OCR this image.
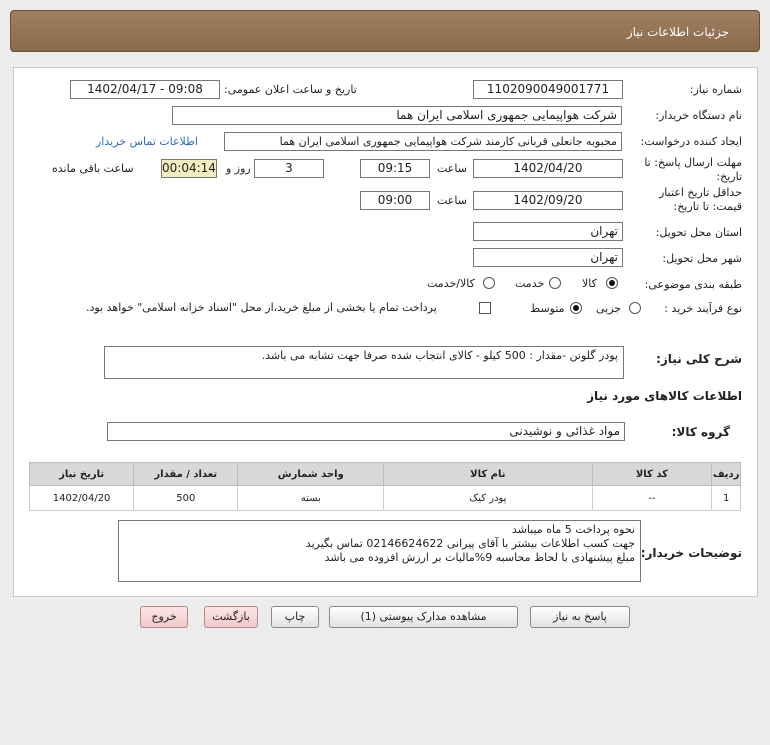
جزئیات اطلاعات نیاز
شماره نیاز:
1102090049001771
تاریخ و ساعت اعلان عمومی:
1402/04/17 - 09:08
نام دستگاه خریدار:
شرکت هواپیمایی جمهوری اسلامی ایران هما
ایجاد کننده درخواست:
محبوبه جانعلی قربانی کارمند شرکت هواپیمایی جمهوری اسلامی ایران هما
اطلاعات تماس خریدار
مهلت ارسال پاسخ: تا تاریخ:
1402/04/20
ساعت
09:15
3
روز و
00:04:14
ساعت باقی مانده
حداقل تاریخ اعتبار قیمت: تا تاریخ:
1402/09/20
ساعت
09:00
استان محل تحویل:
تهران
شهر محل تحویل:
تهران
طبقه بندی موضوعی:
کالا
خدمت
کالا/خدمت
نوع فرآیند خرید :
جزیی
متوسط
پرداخت تمام یا بخشی از مبلغ خرید،از محل "اسناد خزانه اسلامی" خواهد بود.
شرح کلی نیاز:
پودر گلوتن -مقدار : 500 کیلو - کالای انتجاب شده صرفا جهت تشابه می باشد.
اطلاعات کالاهای مورد نیاز
گروه کالا:
مواد غذائی و نوشیدنی
ردیف	کد کالا	نام کالا	واحد شمارش	تعداد / مقدار	تاریخ نیاز
1	--	پودر کیک	بسته	500	1402/04/20
توضیحات خریدار:
نحوه پرداخت 5 ماه میباشد
جهت کسب اطلاعات بیشتر با آقای پیرانی 02146624622 تماس بگیرید
مبلغ پیشنهادی با لحاظ محاسبه 9%مالیات بر ارزش افزوده می باشد
پاسخ به نیاز
مشاهده مدارک پیوستی (1)
چاپ
بازگشت
خروج
